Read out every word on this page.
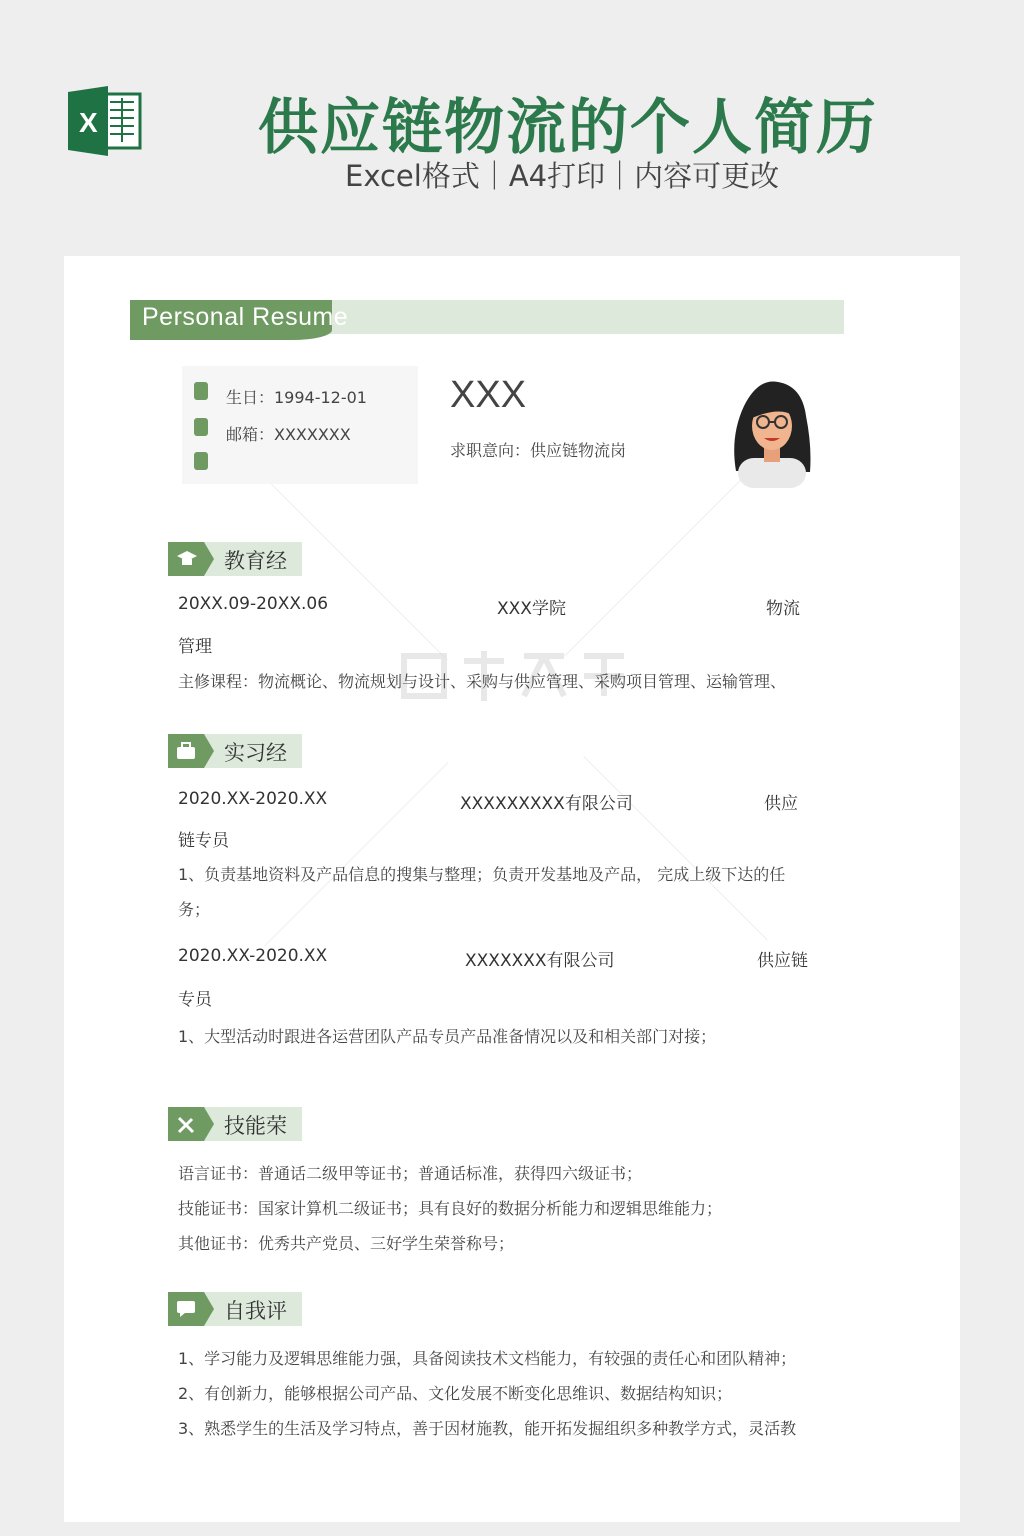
X	供应链物流的个人简历
Excel格式｜A4打印｜内容可更改
Personal Resume
生日：1994-12-01
邮箱：XXXXXXX
XXX
求职意向：供应链物流岗
教育经
20XX.09-20XX.06	XXX学院	物流
管理
主修课程：物流概论、物流规划与设计、采购与供应管理、采购项目管理、运输管理、
实习经
2020.XX-2020.XX	XXXXXXXXX有限公司	供应
链专员
1、负责基地资料及产品信息的搜集与整理；负责开发基地及产品， 完成上级下达的任
务；
2020.XX-2020.XX	XXXXXXX有限公司	供应链
专员
1、大型活动时跟进各运营团队产品专员产品准备情况以及和相关部门对接；
技能荣
语言证书：普通话二级甲等证书；普通话标准，获得四六级证书；
技能证书：国家计算机二级证书；具有良好的数据分析能力和逻辑思维能力；
其他证书：优秀共产党员、三好学生荣誉称号；
自我评
1、学习能力及逻辑思维能力强，具备阅读技术文档能力，有较强的责任心和团队精神；
2、有创新力，能够根据公司产品、文化发展不断变化思维识、数据结构知识；
3、熟悉学生的生活及学习特点，善于因材施教，能开拓发掘组织多种教学方式，灵活教
